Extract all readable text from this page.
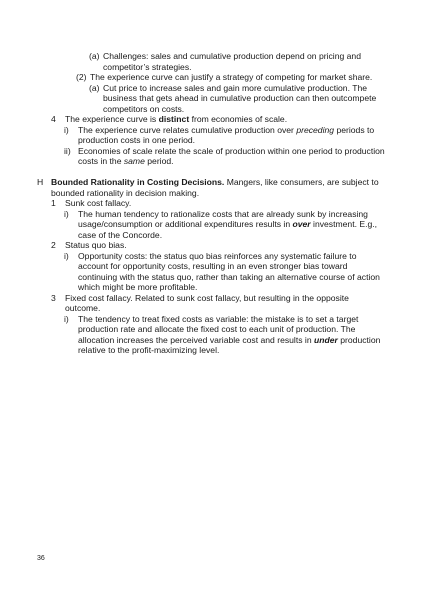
(a) Challenges: sales and cumulative production depend on pricing and
competitor’s strategies.
(2) The experience curve can justify a strategy of competing for market share.
(a) Cut price to increase sales and gain more cumulative production. The
business that gets ahead in cumulative production can then outcompete
competitors on costs.
4 The experience curve is distinct from economies of scale.
i) The experience curve relates cumulative production over preceding periods to
production costs in one period.
ii) Economies of scale relate the scale of production within one period to production
costs in the same period.
H Bounded Rationality in Costing Decisions. Mangers, like consumers, are subject to
bounded rationality in decision making.
1 Sunk cost fallacy.
i) The human tendency to rationalize costs that are already sunk by increasing
usage/consumption or additional expenditures results in over investment. E.g.,
case of the Concorde.
2 Status quo bias.
i) Opportunity costs: the status quo bias reinforces any systematic failure to
account for opportunity costs, resulting in an even stronger bias toward
continuing with the status quo, rather than taking an alternative course of action
which might be more profitable.
3 Fixed cost fallacy. Related to sunk cost fallacy, but resulting in the opposite
outcome.
i) The tendency to treat fixed costs as variable: the mistake is to set a target
production rate and allocate the fixed cost to each unit of production. The
allocation increases the perceived variable cost and results in under production
relative to the profit-maximizing level.
36
